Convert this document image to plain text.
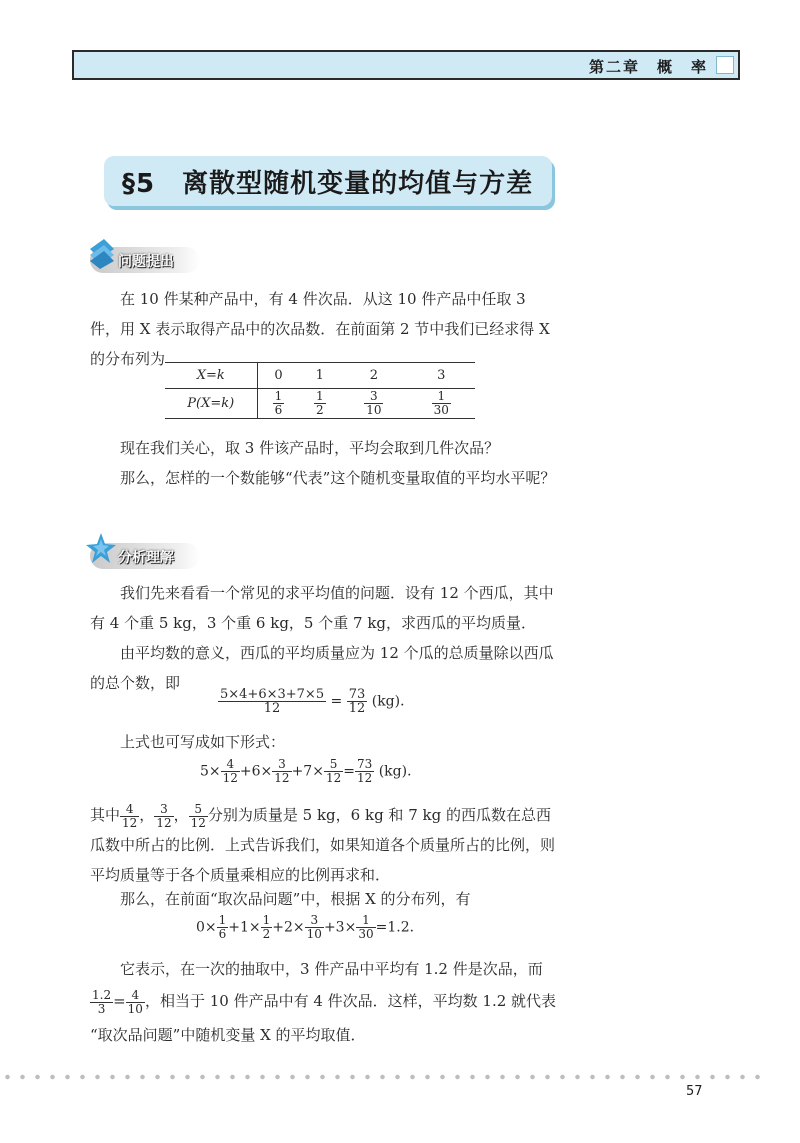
第二章　概　率
§5　离散型随机变量的均值与方差
问题提出
在 10 件某种产品中，有 4 件次品．从这 10 件产品中任取 3 件，用 X 表示取得产品中的次品数．在前面第 2 节中我们已经求得 X 的分布列为
X=k	0	1	2	3
P(X=k)	$\frac{1}{6}$	$\frac{1}{2}$	$\frac{3}{10}$	$\frac{1}{30}$
现在我们关心，取 3 件该产品时，平均会取到几件次品？
那么，怎样的一个数能够“代表”这个随机变量取值的平均水平呢？
分析理解
我们先来看看一个常见的求平均值的问题．设有 12 个西瓜，其中有 4 个重 5 kg，3 个重 6 kg，5 个重 7 kg，求西瓜的平均质量．
由平均数的意义，西瓜的平均质量应为 12 个瓜的总质量除以西瓜的总个数，即
$\frac{5\times 4+6\times 3+7\times 5}{12} = \frac{73}{12} (kg)$．
上式也可写成如下形式：
$5\times \frac{4}{12} +6\times \frac{3}{12} +7\times \frac{5}{12} = \frac{73}{12} (kg)$．
其中 $\frac{4}{12}$ ， $\frac{3}{12}$ ， $\frac{5}{12}$ 分别为质量是 5 kg，6 kg 和 7 kg 的西瓜数在总西瓜数中所占的比例．上式告诉我们，如果知道各个质量所占的比例，则平均质量等于各个质量乘相应的比例再求和．
那么，在前面“取次品问题”中，根据 X 的分布列，有
$0\times \frac{1}{6} +1\times \frac{1}{2} +2\times \frac{3}{10} +3\times \frac{1}{30} =1.2$．
它表示，在一次的抽取中，3 件产品中平均有 1.2 件是次品，而
$\frac{1.2}{3} = \frac{4}{10}$ ，相当于 10 件产品中有 4 件次品．这样，平均数 1.2 就代表
“取次品问题”中随机变量 X 的平均取值．
57
